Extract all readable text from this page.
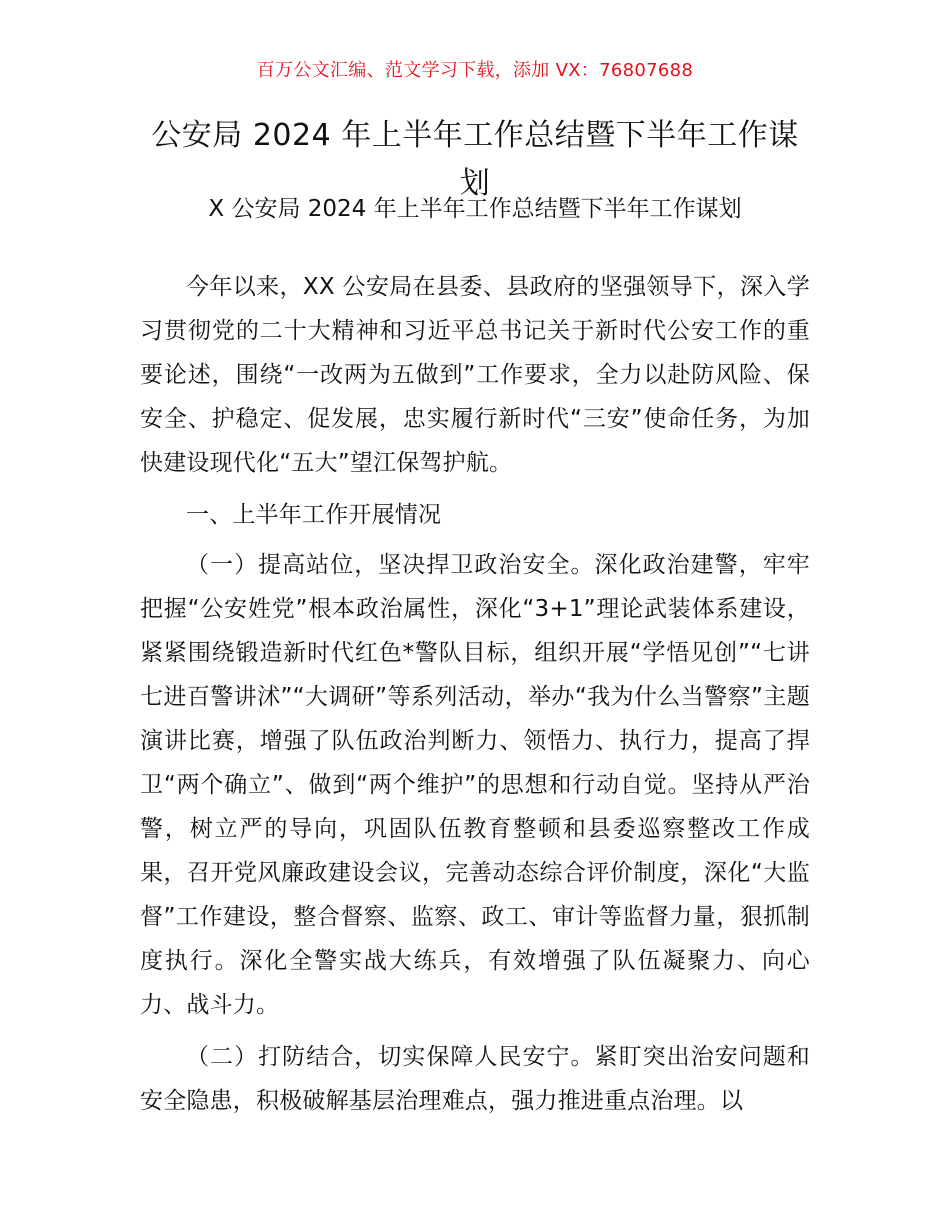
百万公文汇编、范文学习下载，添加 VX：76807688
公安局 2024 年上半年工作总结暨下半年工作谋划
X 公安局 2024 年上半年工作总结暨下半年工作谋划

今年以来，XX 公安局在县委、县政府的坚强领导下，深入学习贯彻党的二十大精神和习近平总书记关于新时代公安工作的重要论述，围绕“一改两为五做到”工作要求，全力以赴防风险、保安全、护稳定、促发展，忠实履行新时代“三安”使命任务，为加快建设现代化“五大”望江保驾护航。

一、上半年工作开展情况

（一）提高站位，坚决捍卫政治安全。深化政治建警，牢牢把握“公安姓党”根本政治属性，深化“3+1”理论武装体系建设，紧紧围绕锻造新时代红色*警队目标，组织开展“学悟见创”“七讲七进百警讲沭”“大调研”等系列活动，举办“我为什么当警察”主题演讲比赛，增强了队伍政治判断力、领悟力、执行力，提高了捍卫“两个确立”、做到“两个维护”的思想和行动自觉。坚持从严治警，树立严的导向，巩固队伍教育整顿和县委巡察整改工作成果，召开党风廉政建设会议，完善动态综合评价制度，深化“大监督”工作建设，整合督察、监察、政工、审计等监督力量，狠抓制度执行。深化全警实战大练兵，有效增强了队伍凝聚力、向心力、战斗力。

（二）打防结合，切实保障人民安宁。紧盯突出治安问题和安全隐患，积极破解基层治理难点，强力推进重点治理。以
